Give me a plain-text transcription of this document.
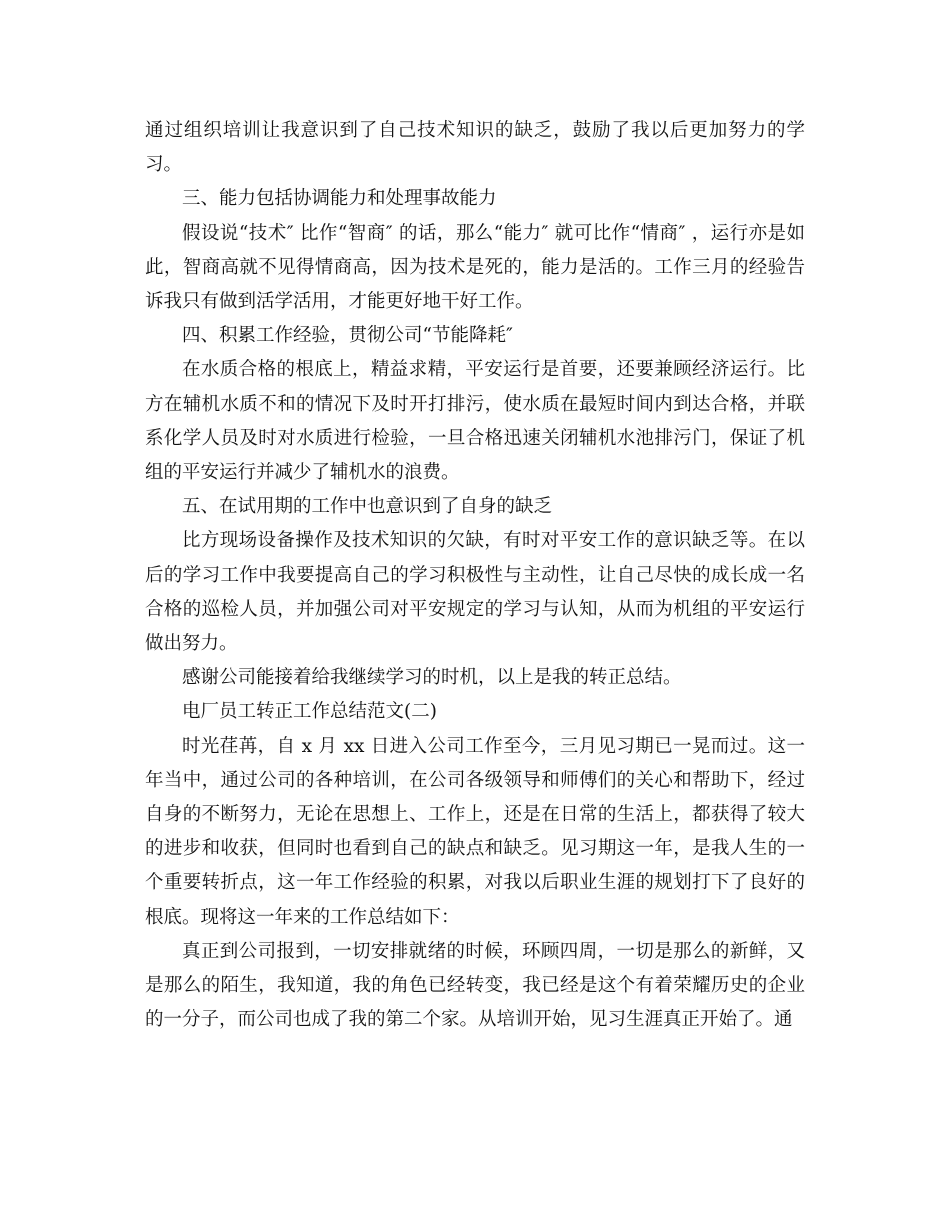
通过组织培训让我意识到了自己技术知识的缺乏，鼓励了我以后更加努力的学习。

三、能力包括协调能力和处理事故能力

假设说“技术″ 比作“智商″ 的话，那么“能力″ 就可比作“情商″ ，运行亦是如此，智商高就不见得情商高，因为技术是死的，能力是活的。工作三月的经验告诉我只有做到活学活用，才能更好地干好工作。

四、积累工作经验，贯彻公司“节能降耗″

在水质合格的根底上，精益求精，平安运行是首要，还要兼顾经济运行。比方在辅机水质不和的情况下及时开打排污，使水质在最短时间内到达合格，并联系化学人员及时对水质进行检验，一旦合格迅速关闭辅机水池排污门，保证了机组的平安运行并减少了辅机水的浪费。

五、在试用期的工作中也意识到了自身的缺乏

比方现场设备操作及技术知识的欠缺，有时对平安工作的意识缺乏等。在以后的学习工作中我要提高自己的学习积极性与主动性，让自己尽快的成长成一名合格的巡检人员，并加强公司对平安规定的学习与认知，从而为机组的平安运行做出努力。

感谢公司能接着给我继续学习的时机，以上是我的转正总结。

电厂员工转正工作总结范文(二)

时光荏苒，自 x 月 xx 日进入公司工作至今，三月见习期已一晃而过。这一年当中，通过公司的各种培训，在公司各级领导和师傅们的关心和帮助下，经过自身的不断努力，无论在思想上、工作上，还是在日常的生活上，都获得了较大的进步和收获，但同时也看到自己的缺点和缺乏。见习期这一年，是我人生的一个重要转折点，这一年工作经验的积累，对我以后职业生涯的规划打下了良好的根底。现将这一年来的工作总结如下：

真正到公司报到，一切安排就绪的时候，环顾四周，一切是那么的新鲜，又是那么的陌生，我知道，我的角色已经转变，我已经是这个有着荣耀历史的企业的一分子，而公司也成了我的第二个家。从培训开始，见习生涯真正开始了。通
